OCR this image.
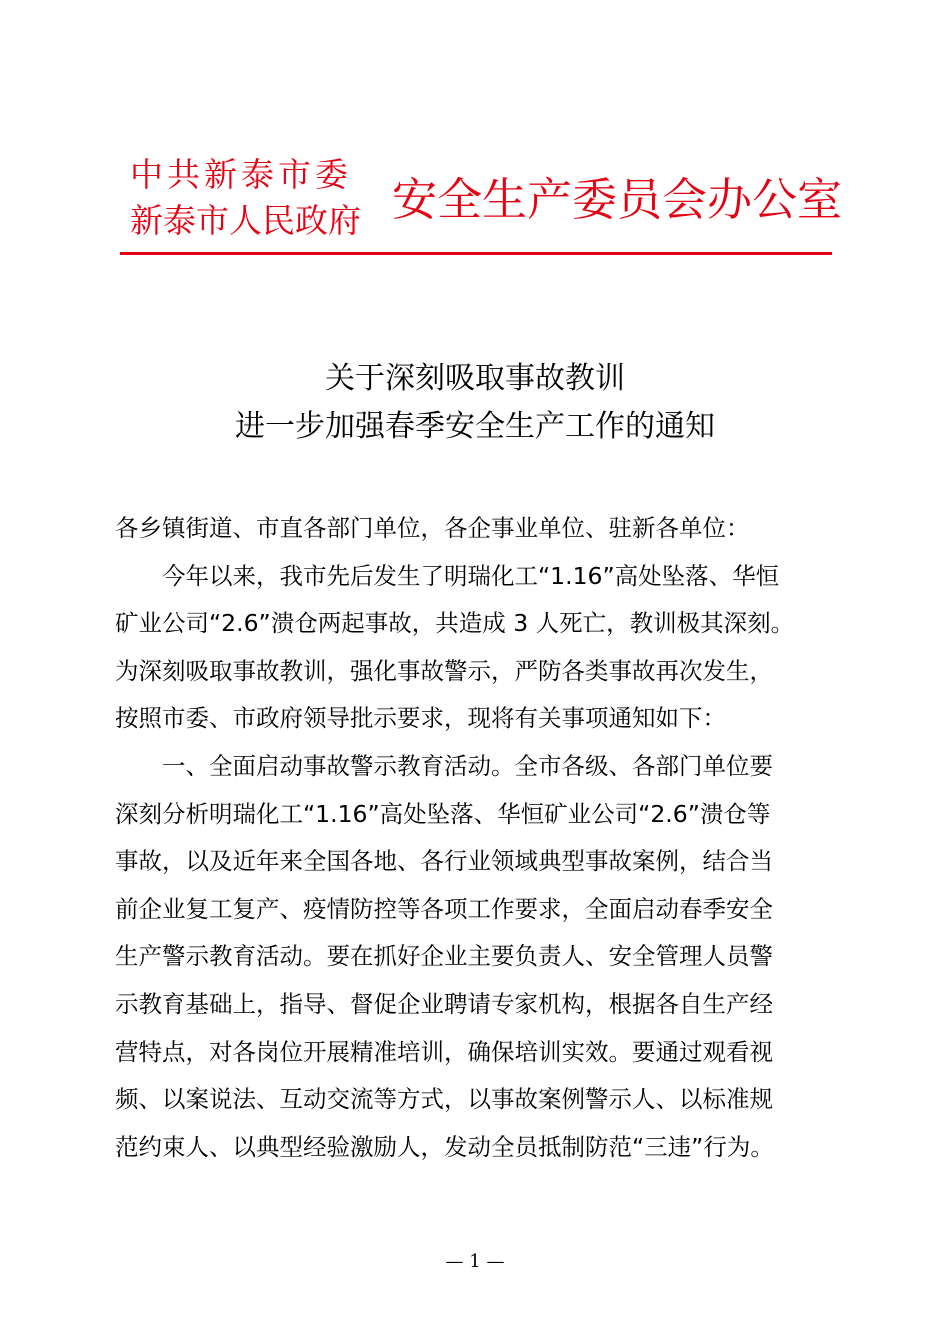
中共新泰市委
新泰市人民政府 安全生产委员会办公室
关于深刻吸取事故教训
进一步加强春季安全生产工作的通知
各乡镇街道、市直各部门单位，各企事业单位、驻新各单位：
今年以来，我市先后发生了明瑞化工“1.16”高处坠落、华恒
矿业公司“2.6”溃仓两起事故，共造成 3 人死亡，教训极其深刻。
为深刻吸取事故教训，强化事故警示，严防各类事故再次发生，
按照市委、市政府领导批示要求，现将有关事项通知如下：
一、全面启动事故警示教育活动。全市各级、各部门单位要
深刻分析明瑞化工“1.16”高处坠落、华恒矿业公司“2.6”溃仓等
事故，以及近年来全国各地、各行业领域典型事故案例，结合当
前企业复工复产、疫情防控等各项工作要求，全面启动春季安全
生产警示教育活动。要在抓好企业主要负责人、安全管理人员警
示教育基础上，指导、督促企业聘请专家机构，根据各自生产经
营特点，对各岗位开展精准培训，确保培训实效。要通过观看视
频、以案说法、互动交流等方式，以事故案例警示人、以标准规
范约束人、以典型经验激励人，发动全员抵制防范“三违”行为。
— 1 —
